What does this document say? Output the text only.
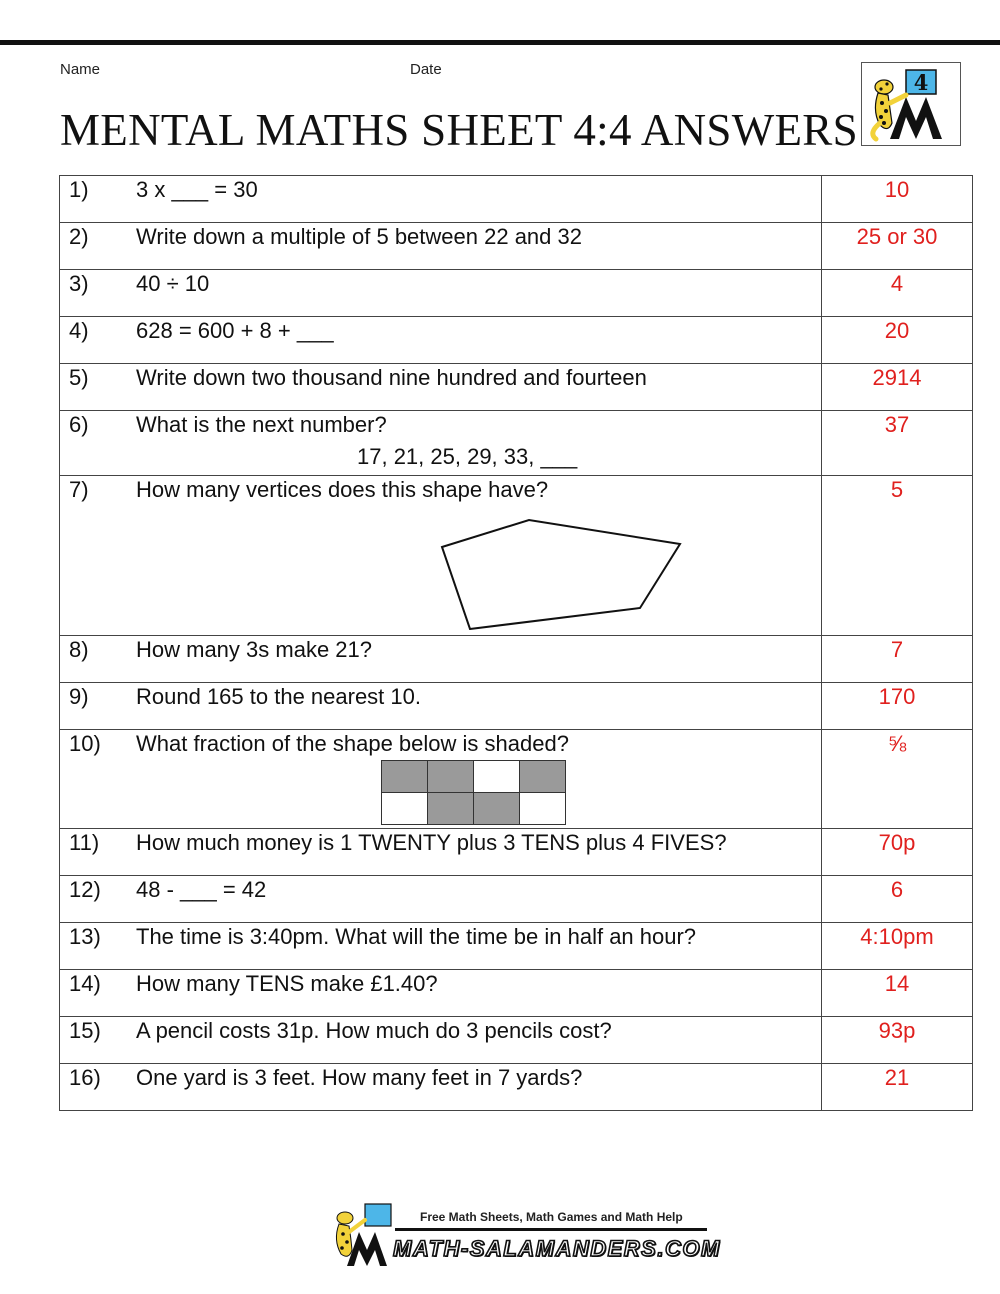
Name	Date
MENTAL MATHS SHEET 4:4 ANSWERS
4
1) 3 x ___ = 30	10

2) Write down a multiple of 5 between 22 and 32	25 or 30

3) 40 ÷ 10	4

4) 628 = 600 + 8 + ___	20

5) Write down two thousand nine hundred and fourteen	2914

6) What is the next number?
17, 21, 25, 29, 33, ___	37

7) How many vertices does this shape have?	5

8) How many 3s make 21?	7

9) Round 165 to the nearest 10.	170

10) What fraction of the shape below is shaded?	⅝

11) How much money is 1 TWENTY plus 3 TENS plus 4 FIVES?	70p

12) 48 - ___ = 42	6

13) The time is 3:40pm. What will the time be in half an hour?	4:10pm

14) How many TENS make £1.40?	14

15) A pencil costs 31p. How much do 3 pencils cost?	93p

16) One yard is 3 feet. How many feet in 7 yards?	21
Free Math Sheets, Math Games and Math Help
MATH-SALAMANDERS.COM
